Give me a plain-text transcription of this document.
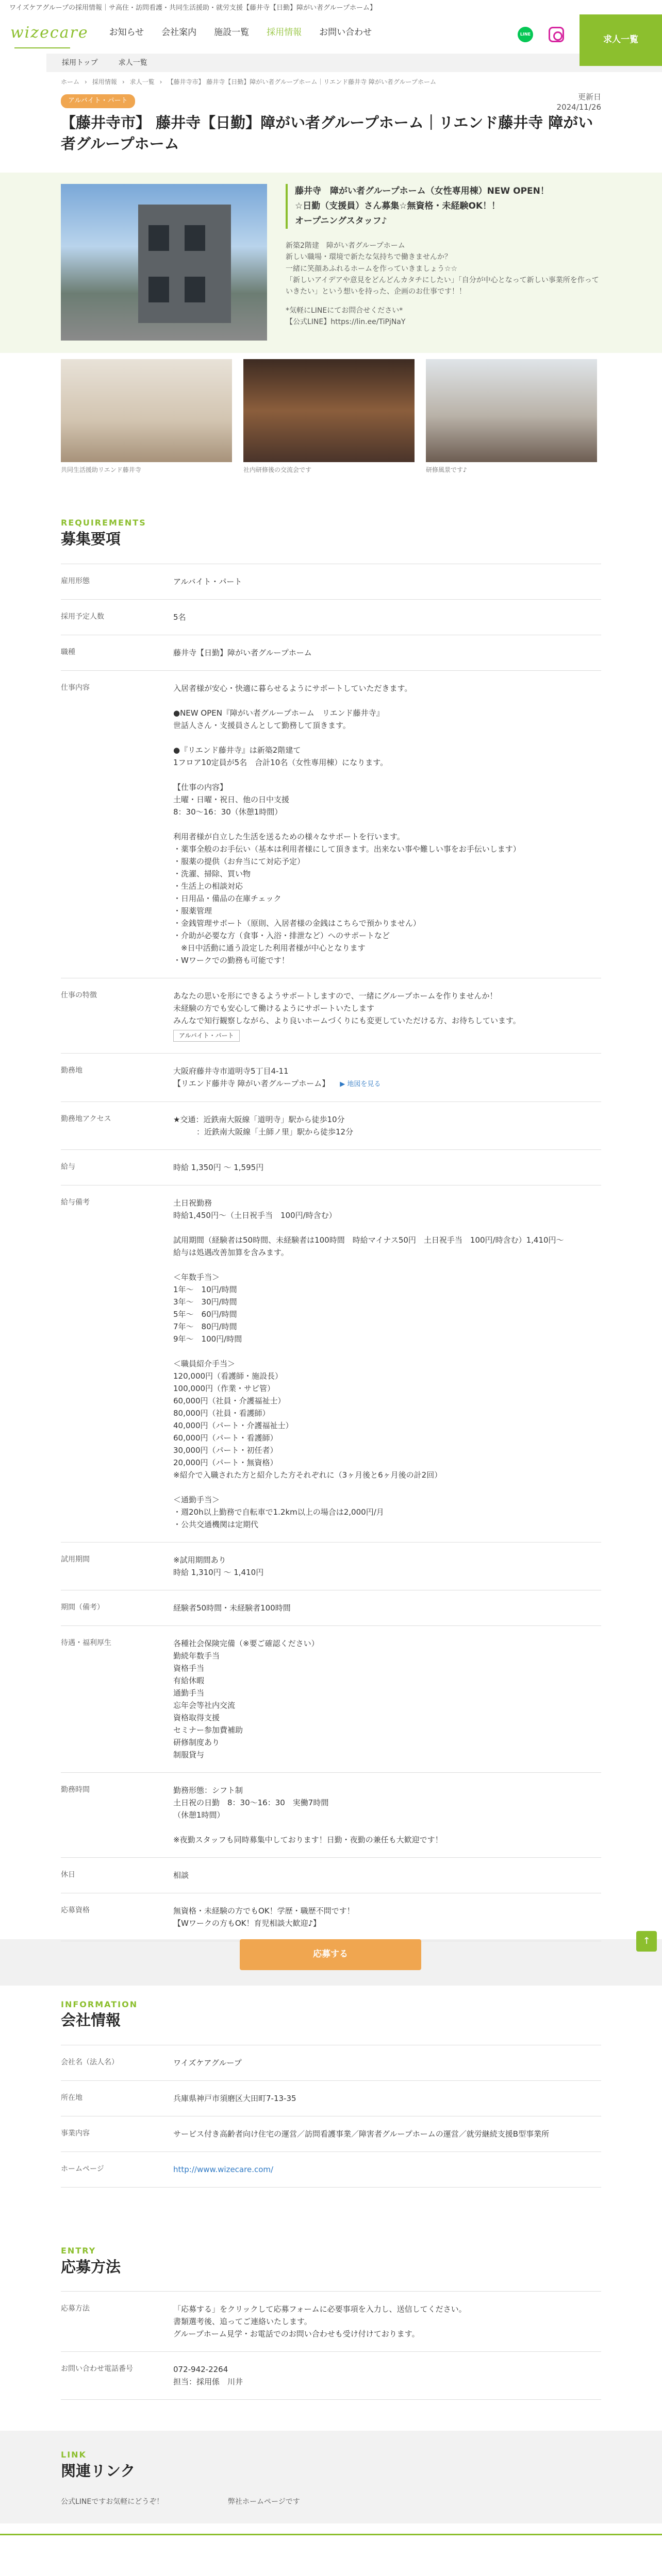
ワイズケアグループの採用情報｜サ高住・訪問看護・共同生活援助・就労支援【藤井寺【日勤】障がい者グループホーム】
wizecare お知らせ 会社案内 施設一覧 採用情報 お問い合わせ	LINE
求人一覧
採用トップ	求人一覧
ホーム › 採用情報 › 求人一覧 › 【藤井寺市】 藤井寺【日勤】障がい者グループホーム｜リエンド藤井寺 障がい者グループホーム
アルバイト・パート	更新日
2024/11/26
【藤井寺市】 藤井寺【日勤】障がい者グループホーム｜リエンド藤井寺 障がい者グループホーム
藤井寺　障がい者グループホーム（女性専用棟）NEW OPEN！
☆日勤（支援員）さん募集☆無資格・未経験OK！！
オープニングスタッフ♪

新築2階建　障がい者グループホーム
新しい職場・環境で新たな気持ちで働きませんか？
一緒に笑顔あふれるホームを作っていきましょう☆☆
「新しいアイデアや意見をどんどんカタチにしたい」「自分が中心となって新しい事業所を作っていきたい」という想いを持った、企画のお仕事です！！

*気軽にLINEにてお問合せください*
【公式LINE】https://lin.ee/TiPjNaY

共同生活援助リエンド藤井寺	社内研修後の交流会です	研修風景です♪
REQUIREMENTS
募集要項
雇用形態	アルバイト・パート
採用予定人数	5名
職種	藤井寺【日勤】障がい者グループホーム
仕事内容	入居者様が安心・快適に暮らせるようにサポートしていただきます。

●NEW OPEN『障がい者グループホーム　リエンド藤井寺』
世話人さん・支援員さんとして勤務して頂きます。

●『リエンド藤井寺』は新築2階建て
1フロア10定員が5名　合計10名（女性専用棟）になります。

【仕事の内容】
土曜・日曜・祝日、他の日中支援
8：30〜16：30（休憩1時間）

利用者様が自立した生活を送るための様々なサポートを行います。
・薬事全般のお手伝い（基本は利用者様にして頂きます。出来ない事や難しい事をお手伝いします）
・服薬の提供（お弁当にて対応予定）
・洗濯、掃除、買い物
・生活上の相談対応
・日用品・備品の在庫チェック
・服薬管理
・金銭管理サポート（原則、入居者様の金銭はこちらで預かりません）
・介助が必要な方（食事・入浴・排泄など）へのサポートなど
　※日中活動に通う設定した利用者様が中心となります
・Wワークでの勤務も可能です！
仕事の特徴	あなたの思いを形にできるようサポートしますので、一緒にグループホームを作りませんか！
未経験の方でも安心して働けるようにサポートいたします
みんなで知行観察しながら、より良いホームづくりにも変更していただける方、お待ちしています。
アルバイト・パート
勤務地	大阪府藤井寺市道明寺5丁目4-11
【リエンド藤井寺 障がい者グループホーム】 ▶ 地図を見る
勤務地アクセス	★交通：近鉄南大阪線「道明寺」駅から徒歩10分
　　　：近鉄南大阪線「土師ノ里」駅から徒歩12分
給与	時給 1,350円 〜 1,595円
給与備考	土日祝勤務
時給1,450円〜（土日祝手当　100円/時含む）

試用期間（経験者は50時間、未経験者は100時間　時給マイナス50円　土日祝手当　100円/時含む）1,410円〜
給与は処遇改善加算を含みます。

＜年数手当＞
1年〜　10円/時間
3年〜　30円/時間
5年〜　60円/時間
7年〜　80円/時間
9年〜　100円/時間

＜職員紹介手当＞
120,000円（看護師・施設長）
100,000円（作業・サビ管）
60,000円（社員・介護福祉士）
80,000円（社員・看護師）
40,000円（パート・介護福祉士）
60,000円（パート・看護師）
30,000円（パート・初任者）
20,000円（パート・無資格）
※紹介で入職された方と紹介した方それぞれに（3ヶ月後と6ヶ月後の計2回）

＜通勤手当＞
・週20h以上勤務で自転車で1.2km以上の場合は2,000円/月
・公共交通機関は定期代
試用期間	※試用期間あり
時給 1,310円 〜 1,410円
期間（備考）	経験者50時間・未経験者100時間
待遇・福利厚生	各種社会保険完備（※要ご確認ください）
勤続年数手当
資格手当
有給休暇
通勤手当
忘年会等社内交流
資格取得支援
セミナー参加費補助
研修制度あり
制服貸与
勤務時間	勤務形態：シフト制
土日祝の日勤　8：30〜16：30　実働7時間
（休憩1時間）

※夜勤スタッフも同時募集中しております！日勤・夜勤の兼任も大歓迎です！
休日	相談
応募資格	無資格・未経験の方でもOK！学歴・職歴不問です！
【Wワークの方もOK！育児相談大歓迎♪】
INFORMATION
会社情報
会社名（法人名）	ワイズケアグループ
所在地	兵庫県神戸市須磨区大田町7-13-35
事業内容	サービス付き高齢者向け住宅の運営／訪問看護事業／障害者グループホームの運営／就労継続支援B型事業所
ホームページ	http://www.wizecare.com/
ENTRY
応募方法
応募方法	「応募する」をクリックして応募フォームに必要事項を入力し、送信してください。
書類選考後、追ってご連絡いたします。
グループホーム見学・お電話でのお問い合わせも受け付けております。
お問い合わせ電話番号	072-942-2264
担当：採用係　川井
LINK
関連リンク
公式LINEですお気軽にどうぞ！	弊社ホームページです
応募する
↑
